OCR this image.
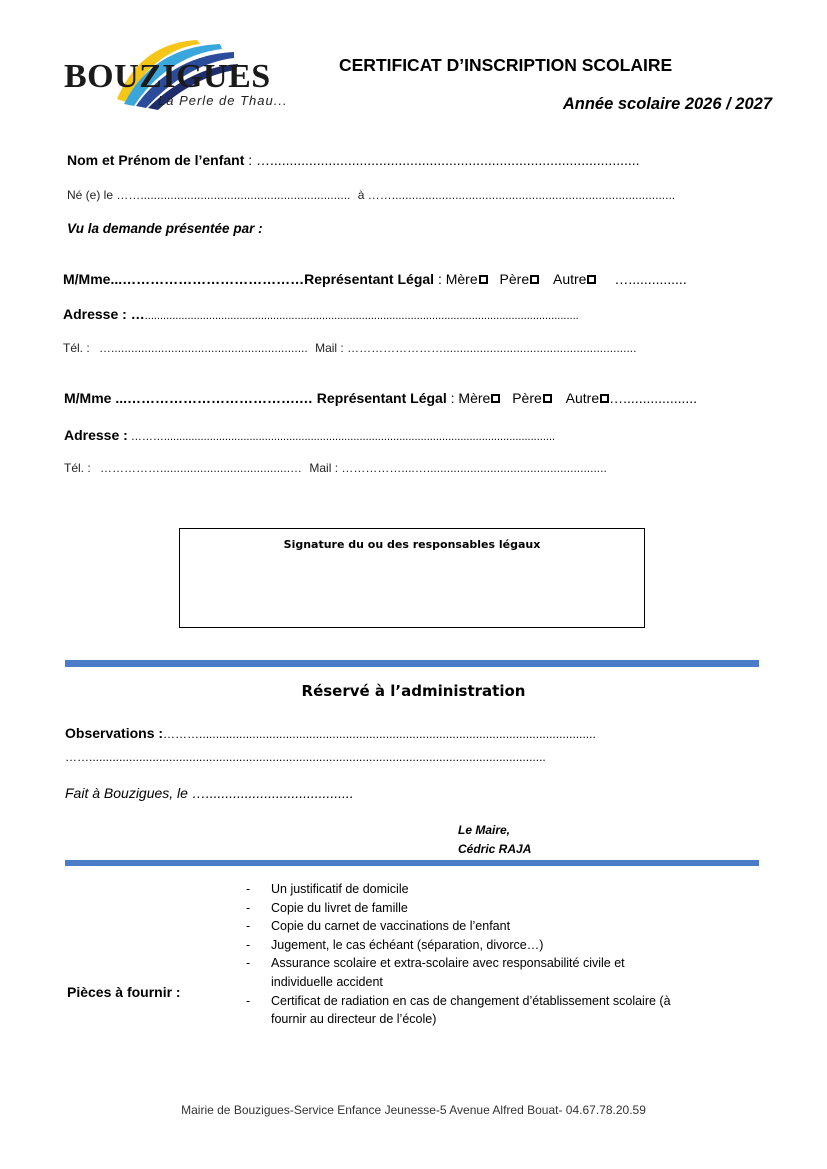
BOUZIGUES
La Perle de Thau...
CERTIFICAT D’INSCRIPTION SCOLAIRE
Année scolaire 2026 / 2027
Nom et Prénom de l’enfant : …...............................................................................................
Né (e) le ……............................................................... à …….....................................................................................
Vu la demande présentée par :
M/Mme...…………………………………Représentant Légal : Mère Père Autre …...............
Adresse : …..............................................................................................................................................
Tél. : …........................................................... Mail : ……………………..........................................................
M/Mme ...……………………………….… Représentant Légal : Mère Père Autre …...................
Adresse : ………................................................................................................................................
Tél. : …………….......................................… Mail : ……………....…......................................................
Signature du ou des responsables légaux
Réservé à l’administration
Observations :……….......................................................................................................................
…….........................................................................................................................................
Fait à Bouzigues, le …......................................
Le Maire,
Cédric RAJA
Pièces à fournir :
- Un justificatif de domicile
- Copie du livret de famille
- Copie du carnet de vaccinations de l’enfant
- Jugement, le cas échéant (séparation, divorce…)
- Assurance scolaire et extra-scolaire avec responsabilité civile et individuelle accident
- Certificat de radiation en cas de changement d’établissement scolaire (à fournir au directeur de l’école)
Mairie de Bouzigues-Service Enfance Jeunesse-5 Avenue Alfred Bouat- 04.67.78.20.59
